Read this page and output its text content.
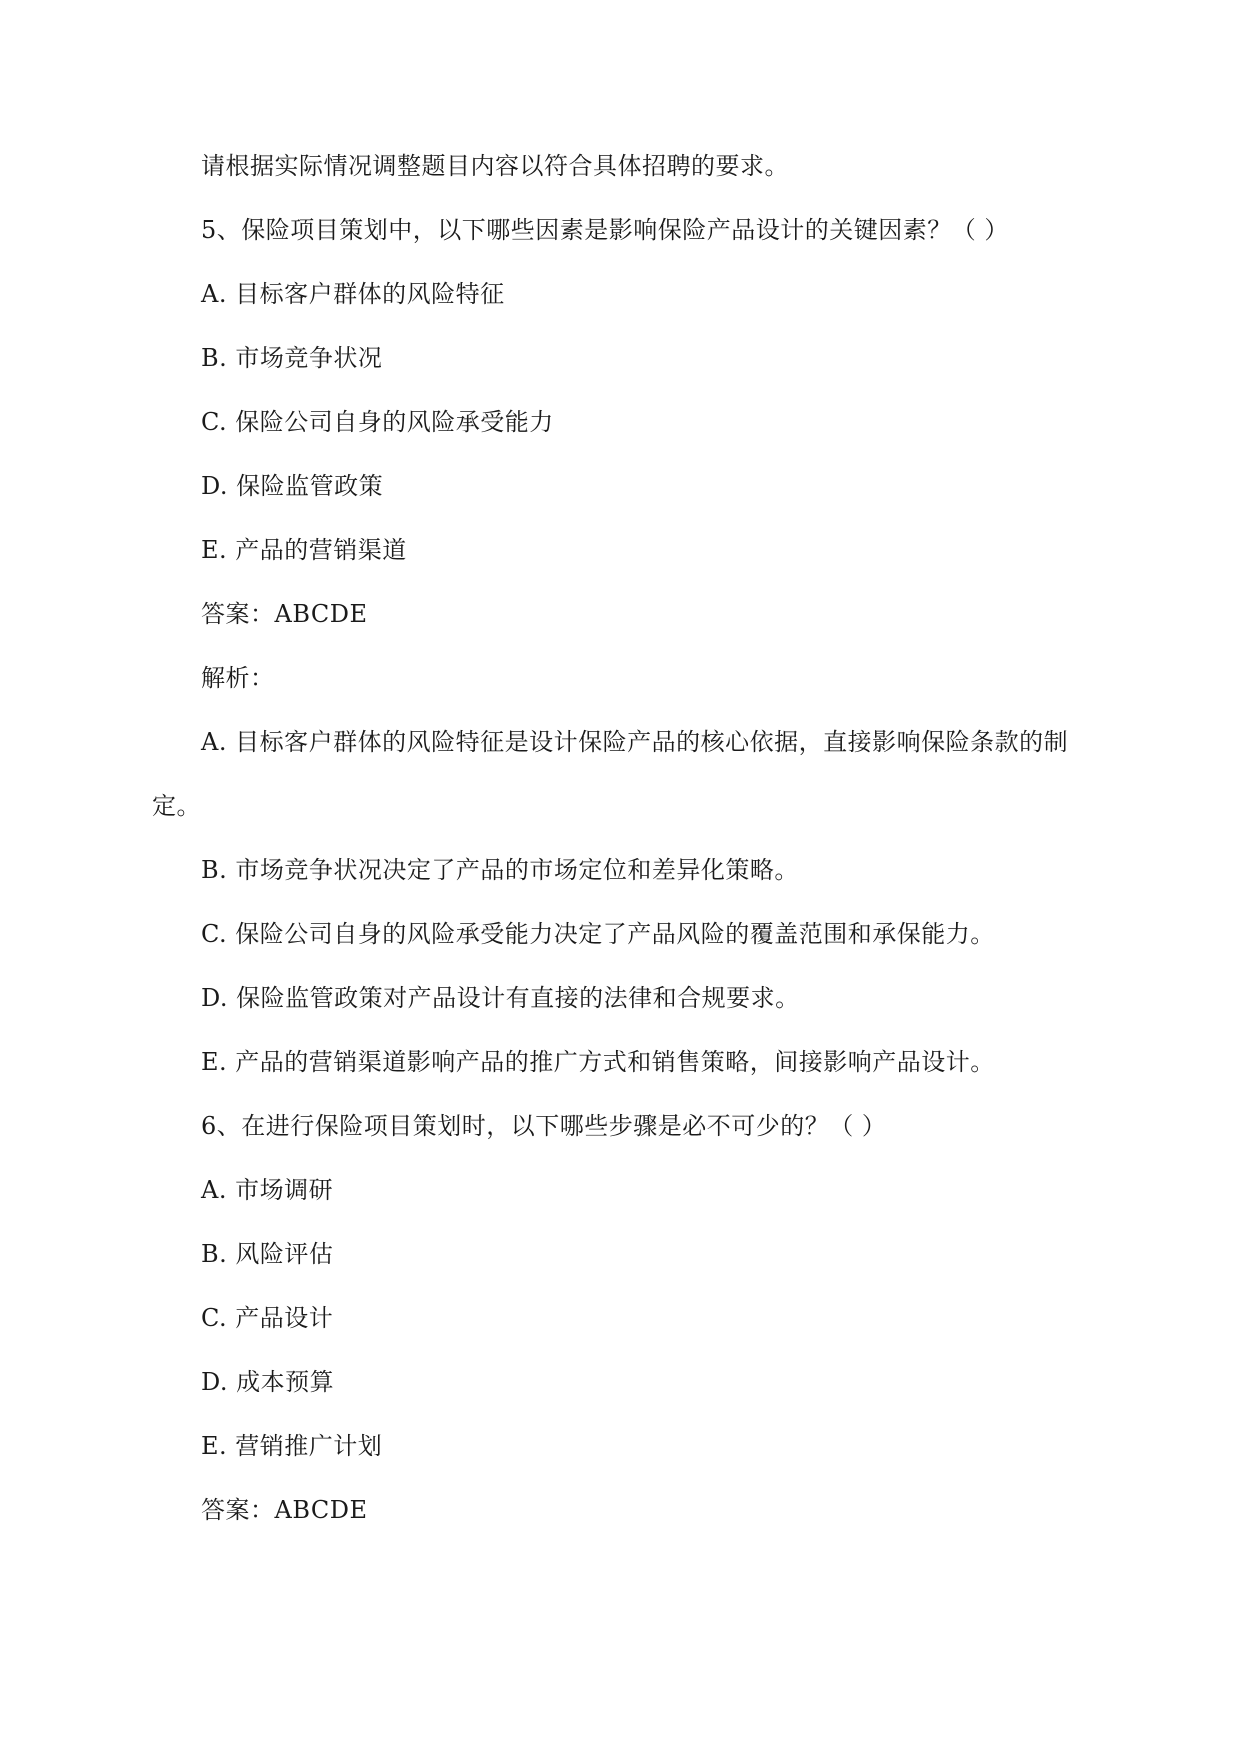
请根据实际情况调整题目内容以符合具体招聘的要求。
5、保险项目策划中，以下哪些因素是影响保险产品设计的关键因素？（ ）
A. 目标客户群体的风险特征
B. 市场竞争状况
C. 保险公司自身的风险承受能力
D. 保险监管政策
E. 产品的营销渠道
答案：ABCDE
解析：
A. 目标客户群体的风险特征是设计保险产品的核心依据，直接影响保险条款的制
定。
B. 市场竞争状况决定了产品的市场定位和差异化策略。
C. 保险公司自身的风险承受能力决定了产品风险的覆盖范围和承保能力。
D. 保险监管政策对产品设计有直接的法律和合规要求。
E. 产品的营销渠道影响产品的推广方式和销售策略，间接影响产品设计。
6、在进行保险项目策划时，以下哪些步骤是必不可少的？（ ）
A. 市场调研
B. 风险评估
C. 产品设计
D. 成本预算
E. 营销推广计划
答案：ABCDE
